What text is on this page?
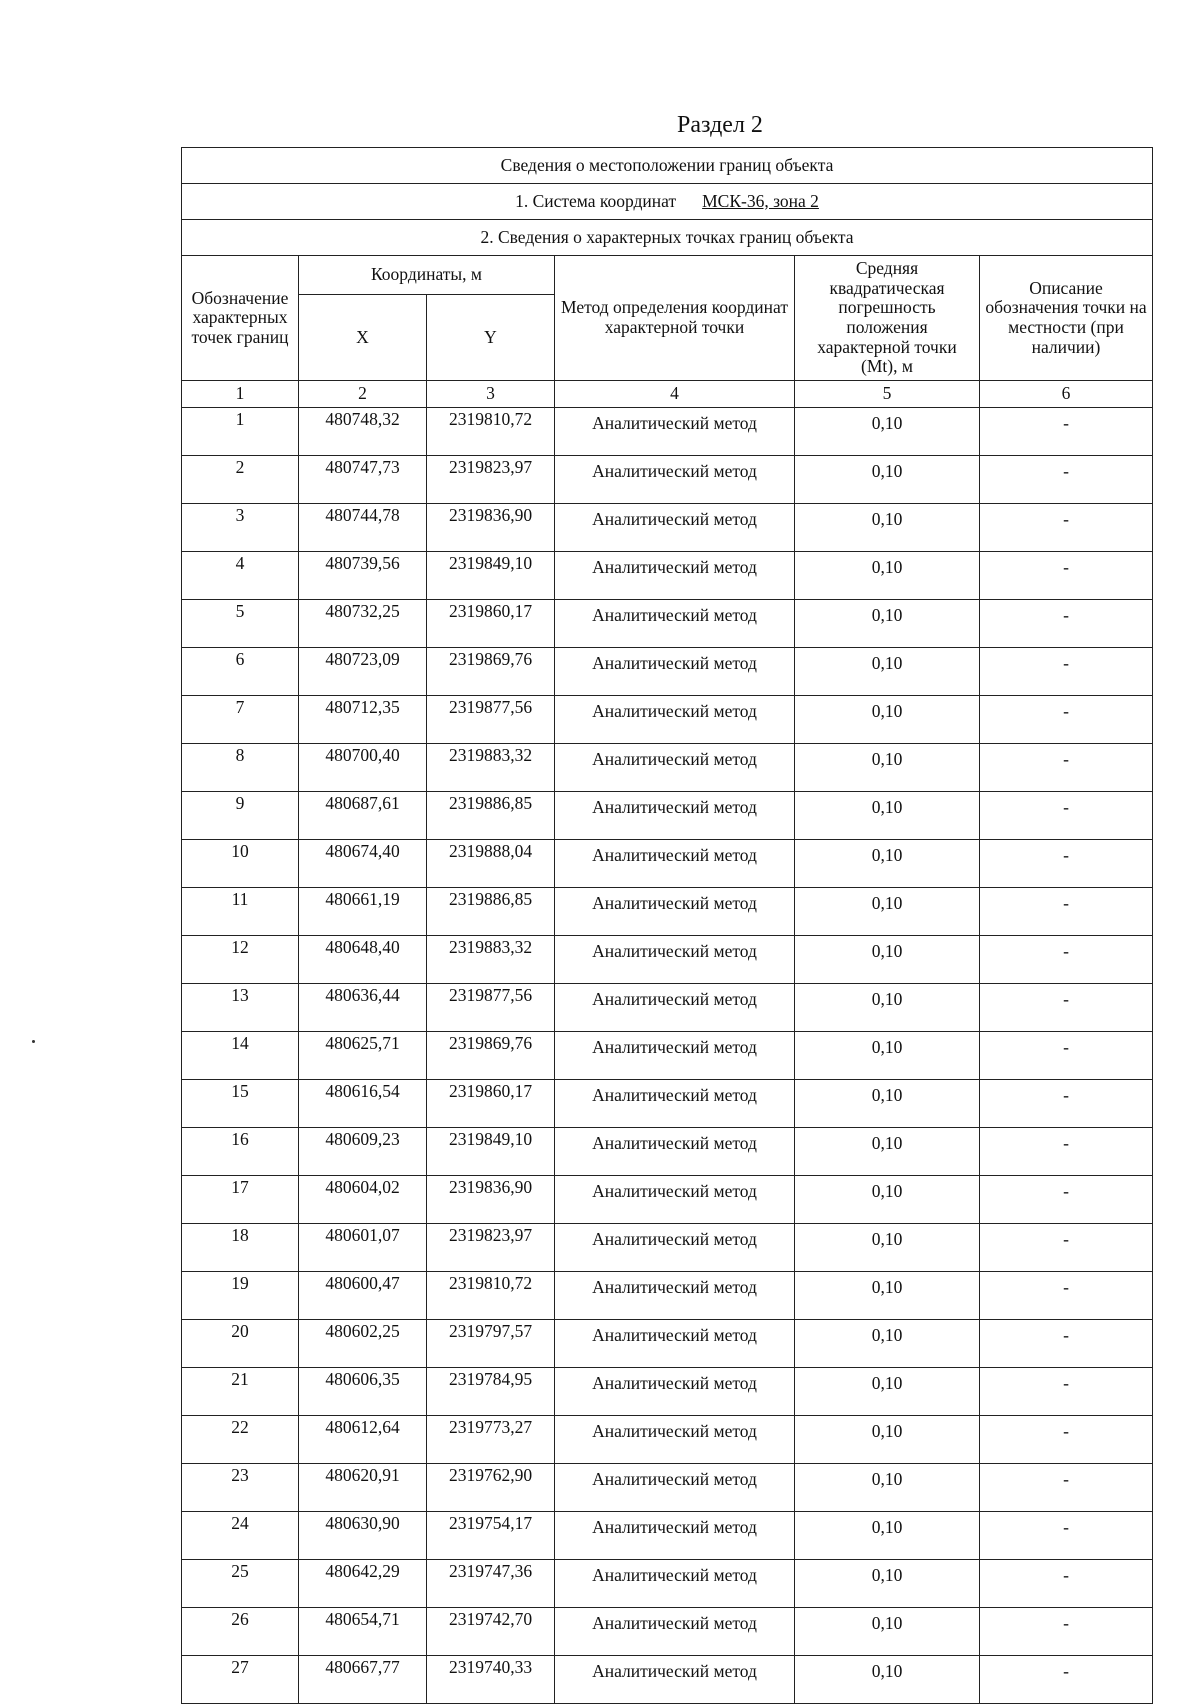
Раздел 2
Сведения о местоположении границ объекта					
1. Система координат МСК-36, зона 2					
2. Сведения о характерных точках границ объекта					
Обозначение характерных точек границ	Координаты, м		Метод определения координат характерной точки	Средняя квадратическая погрешность положения характерной точки (Mt), м	Описание обозначения точки на местности (при наличии)
	X	Y			
1	2	3	4	5	6
1	480748,32	2319810,72	Аналитический метод	0,10	-
2	480747,73	2319823,97	Аналитический метод	0,10	-
3	480744,78	2319836,90	Аналитический метод	0,10	-
4	480739,56	2319849,10	Аналитический метод	0,10	-
5	480732,25	2319860,17	Аналитический метод	0,10	-
6	480723,09	2319869,76	Аналитический метод	0,10	-
7	480712,35	2319877,56	Аналитический метод	0,10	-
8	480700,40	2319883,32	Аналитический метод	0,10	-
9	480687,61	2319886,85	Аналитический метод	0,10	-
10	480674,40	2319888,04	Аналитический метод	0,10	-
11	480661,19	2319886,85	Аналитический метод	0,10	-
12	480648,40	2319883,32	Аналитический метод	0,10	-
13	480636,44	2319877,56	Аналитический метод	0,10	-
14	480625,71	2319869,76	Аналитический метод	0,10	-
15	480616,54	2319860,17	Аналитический метод	0,10	-
16	480609,23	2319849,10	Аналитический метод	0,10	-
17	480604,02	2319836,90	Аналитический метод	0,10	-
18	480601,07	2319823,97	Аналитический метод	0,10	-
19	480600,47	2319810,72	Аналитический метод	0,10	-
20	480602,25	2319797,57	Аналитический метод	0,10	-
21	480606,35	2319784,95	Аналитический метод	0,10	-
22	480612,64	2319773,27	Аналитический метод	0,10	-
23	480620,91	2319762,90	Аналитический метод	0,10	-
24	480630,90	2319754,17	Аналитический метод	0,10	-
25	480642,29	2319747,36	Аналитический метод	0,10	-
26	480654,71	2319742,70	Аналитический метод	0,10	-
27	480667,77	2319740,33	Аналитический метод	0,10	-
